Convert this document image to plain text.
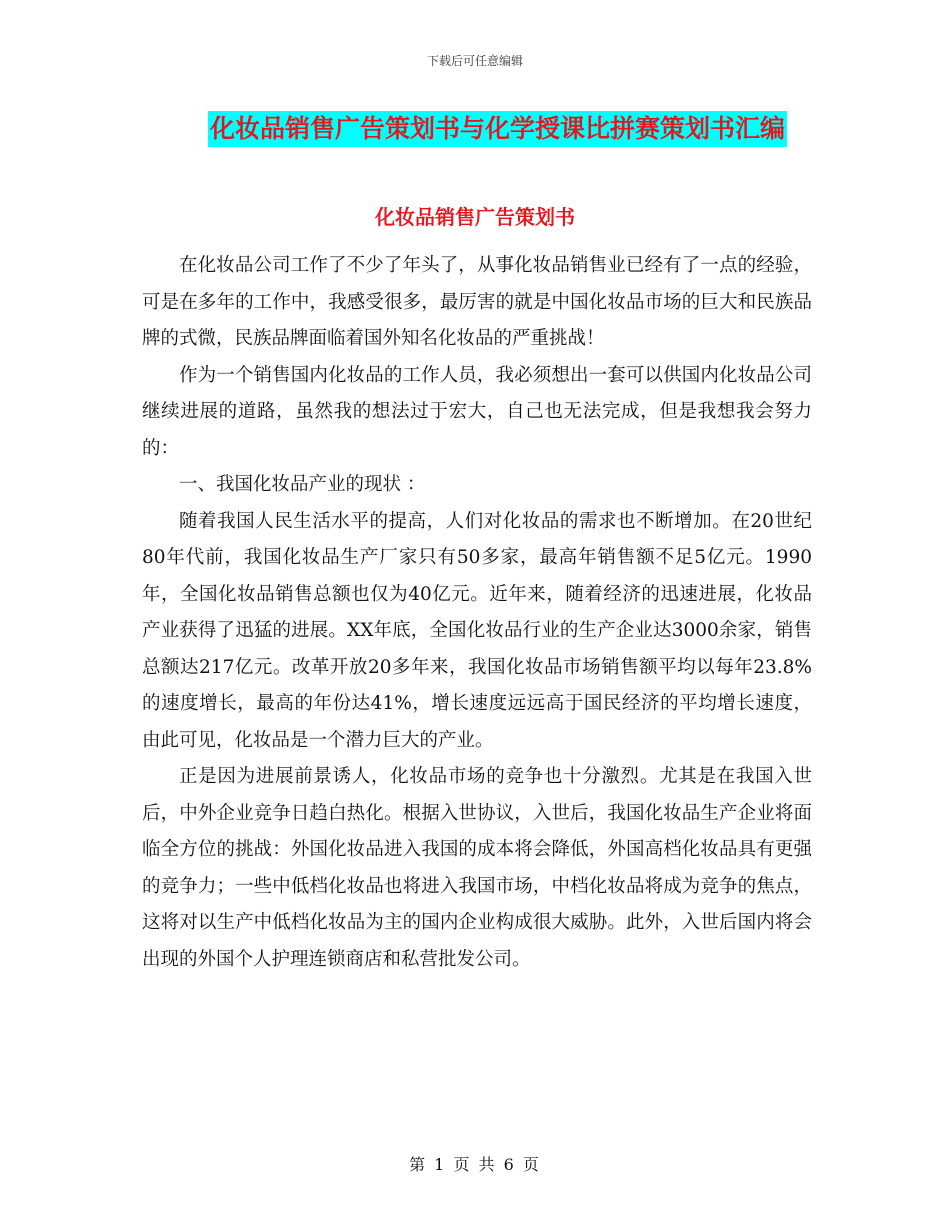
下载后可任意编辑
化妆品销售广告策划书与化学授课比拼赛策划书汇编
化妆品销售广告策划书

在化妆品公司工作了不少了年头了，从事化妆品销售业已经有了一点的经验，可是在多年的工作中，我感受很多，最厉害的就是中国化妆品市场的巨大和民族品牌的式微，民族品牌面临着国外知名化妆品的严重挑战！

作为一个销售国内化妆品的工作人员，我必须想出一套可以供国内化妆品公司继续进展的道路，虽然我的想法过于宏大，自己也无法完成，但是我想我会努力的：

一、我国化妆品产业的现状 ：

随着我国人民生活水平的提高，人们对化妆品的需求也不断增加。在20世纪80年代前，我国化妆品生产厂家只有50多家，最高年销售额不足5亿元。1990年，全国化妆品销售总额也仅为40亿元。近年来，随着经济的迅速进展，化妆品产业获得了迅猛的进展。XX年底，全国化妆品行业的生产企业达3000余家，销售总额达217亿元。改革开放20多年来，我国化妆品市场销售额平均以每年23.8%的速度增长，最高的年份达41%，增长速度远远高于国民经济的平均增长速度，由此可见，化妆品是一个潜力巨大的产业。

正是因为进展前景诱人，化妆品市场的竞争也十分激烈。尤其是在我国入世后，中外企业竞争日趋白热化。根据入世协议，入世后，我国化妆品生产企业将面临全方位的挑战：外国化妆品进入我国的成本将会降低，外国高档化妆品具有更强的竞争力；一些中低档化妆品也将进入我国市场，中档化妆品将成为竞争的焦点，这将对以生产中低档化妆品为主的国内企业构成很大威胁。此外，入世后国内将会出现的外国个人护理连锁商店和私营批发公司。

第 1 页 共 6 页
